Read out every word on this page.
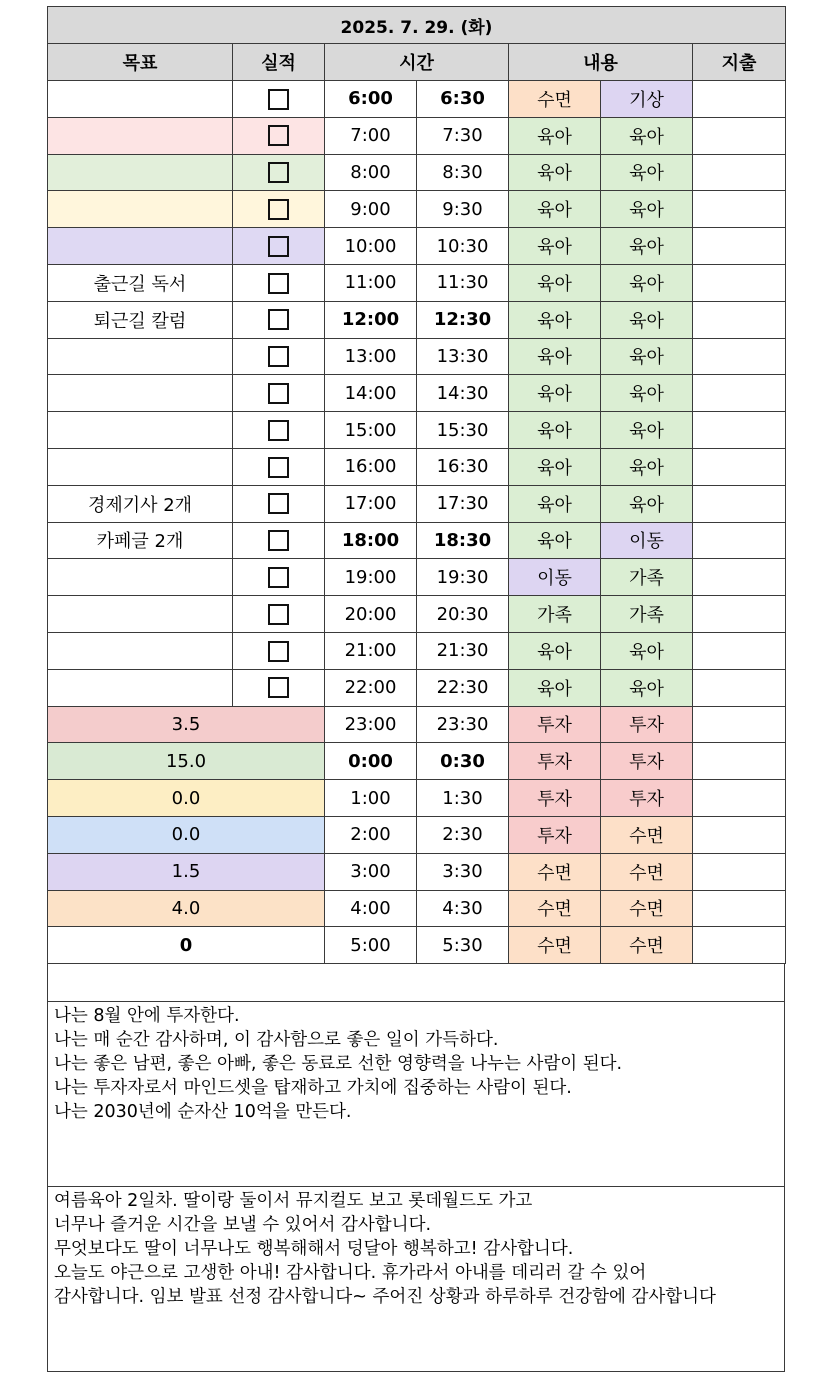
2025. 7. 29. (화)						
목표	실적	시간		내용		지출
		6:00	6:30	수면	기상	
		7:00	7:30	육아	육아	
		8:00	8:30	육아	육아	
		9:00	9:30	육아	육아	
		10:00	10:30	육아	육아	
출근길 독서		11:00	11:30	육아	육아	
퇴근길 칼럼		12:00	12:30	육아	육아	
		13:00	13:30	육아	육아	
		14:00	14:30	육아	육아	
		15:00	15:30	육아	육아	
		16:00	16:30	육아	육아	
경제기사 2개		17:00	17:30	육아	육아	
카페글 2개		18:00	18:30	육아	이동	
		19:00	19:30	이동	가족	
		20:00	20:30	가족	가족	
		21:00	21:30	육아	육아	
		22:00	22:30	육아	육아	
3.5		23:00	23:30	투자	투자	
15.0		0:00	0:30	투자	투자	
0.0		1:00	1:30	투자	투자	
0.0		2:00	2:30	투자	수면	
1.5		3:00	3:30	수면	수면	
4.0		4:00	4:30	수면	수면	
0		5:00	5:30	수면	수면	
나는 8월 안에 투자한다.
나는 매 순간 감사하며, 이 감사함으로 좋은 일이 가득하다.
나는 좋은 남편, 좋은 아빠, 좋은 동료로 선한 영향력을 나누는 사람이 된다.
나는 투자자로서 마인드셋을 탑재하고 가치에 집중하는 사람이 된다.
나는 2030년에 순자산 10억을 만든다.
여름육아 2일차. 딸이랑 둘이서 뮤지컬도 보고 롯데월드도 가고
너무나 즐거운 시간을 보낼 수 있어서 감사합니다.
무엇보다도 딸이 너무나도 행복해해서 덩달아 행복하고! 감사합니다.
오늘도 야근으로 고생한 아내! 감사합니다. 휴가라서 아내를 데리러 갈 수 있어
감사합니다. 임보 발표 선정 감사합니다~ 주어진 상황과 하루하루 건강함에 감사합니다
